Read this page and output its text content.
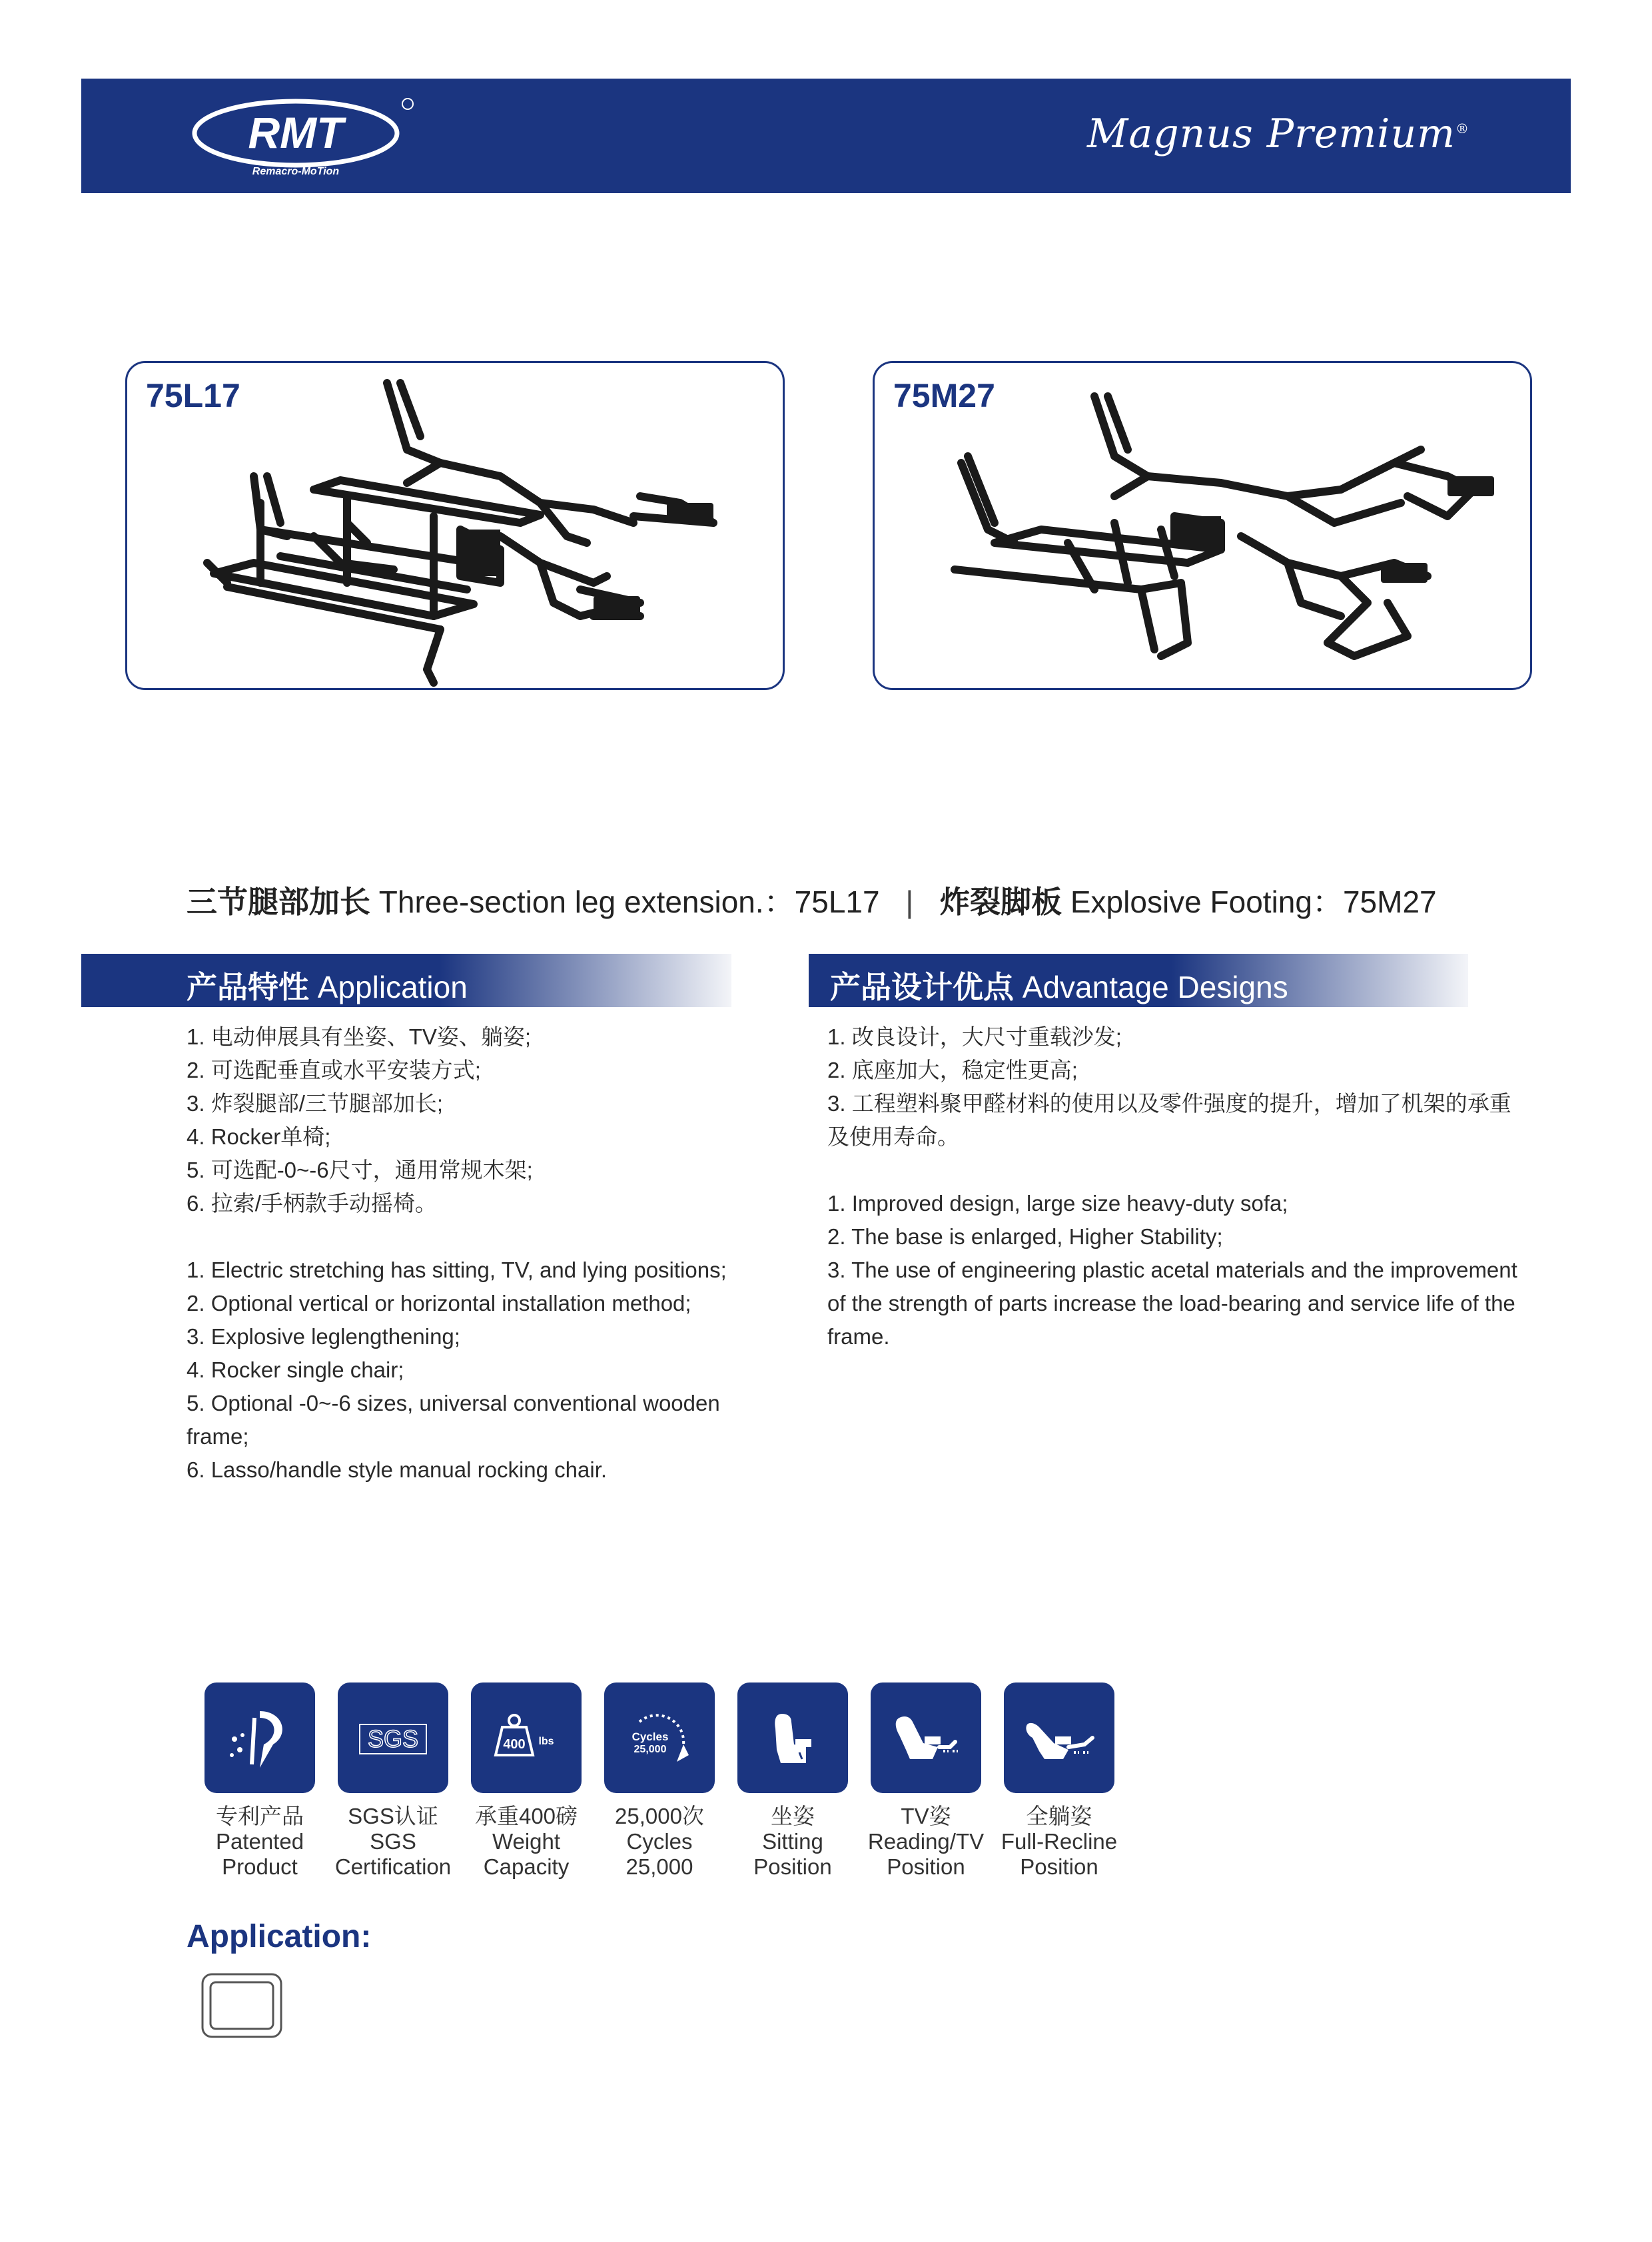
RMT
Remacro-MoTion
Magnus Premium®
75L17	75M27
三节腿部加长 Three-section leg extension.：75L17 | 炸裂脚板 Explosive Footing：75M27
产品特性 Application	产品设计优点 Advantage Designs
1. 电动伸展具有坐姿、TV姿、躺姿;
2. 可选配垂直或水平安装方式;
3. 炸裂腿部/三节腿部加长;
4. Rocker单椅;
5. 可选配-0~-6尺寸，通用常规木架;
6. 拉索/手柄款手动摇椅。
1. Electric stretching has sitting, TV, and lying positions;
2. Optional vertical or horizontal installation method;
3. Explosive leglengthening;
4. Rocker single chair;
5. Optional -0~-6 sizes, universal conventional wooden frame;
6. Lasso/handle style manual rocking chair.
1. 改良设计，大尺寸重载沙发;
2. 底座加大，稳定性更高;
3. 工程塑料聚甲醛材料的使用以及零件强度的提升，增加了机架的承重及使用寿命。
1. Improved design, large size heavy-duty sofa;
2. The base is enlarged, Higher Stability;
3. The use of engineering plastic acetal materials and the improvement of the strength of parts increase the load-bearing and service life of the frame.
专利产品
Patented
Product
SGS
SGS认证
SGS
Certification
400 lbs
承重400磅
Weight
Capacity
Cycles
25,000
25,000次
Cycles
25,000
坐姿
Sitting
Position
TV姿
Reading/TV
Position
全躺姿
Full-Recline
Position
Application:
